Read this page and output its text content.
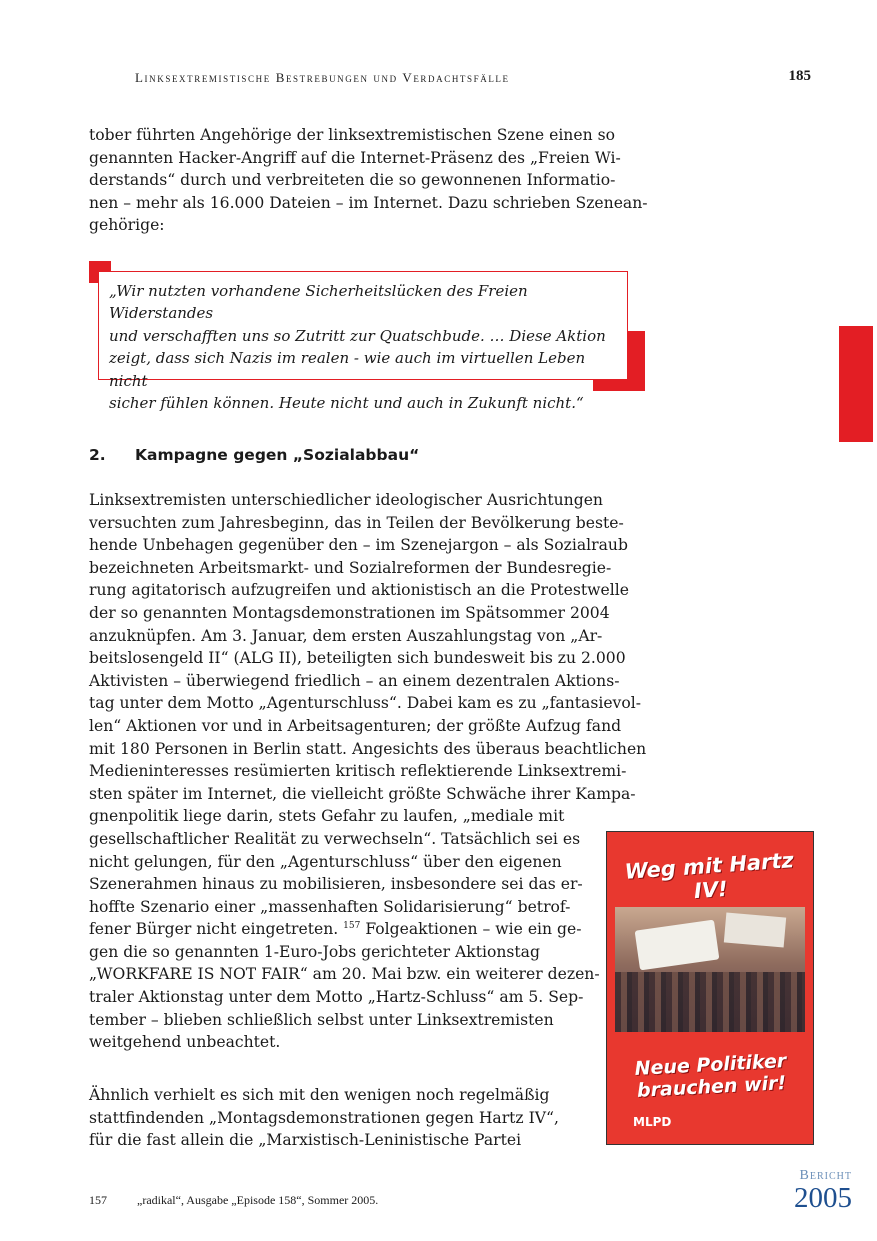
Linksextremistische Bestrebungen und Verdachtsfälle	185

tober führten Angehörige der linksextremistischen Szene einen so

genannten Hacker-Angriff auf die Internet-Präsenz des „Freien Wi-

derstands“ durch und verbreiteten die so gewonnenen Informatio-

nen – mehr als 16.000 Dateien – im Internet. Dazu schrieben Szenean-

gehörige:

„Wir nutzten vorhandene Sicherheitslücken des Freien Widerstandes
und verschafften uns so Zutritt zur Quatschbude. … Diese Aktion
zeigt, dass sich Nazis im realen - wie auch im virtuellen Leben nicht
sicher fühlen können. Heute nicht und auch in Zukunft nicht.“
2. Kampagne gegen „Sozialabbau“

Linksextremisten unterschiedlicher ideologischer Ausrichtungen

versuchten zum Jahresbeginn, das in Teilen der Bevölkerung beste-

hende Unbehagen gegenüber den – im Szenejargon – als Sozialraub

bezeichneten Arbeitsmarkt- und Sozialreformen der Bundesregie-

rung agitatorisch aufzugreifen und aktionistisch an die Protestwelle

der so genannten Montagsdemonstrationen im Spätsommer 2004

anzuknüpfen. Am 3. Januar, dem ersten Auszahlungstag von „Ar-

beitslosengeld II“ (ALG II), beteiligten sich bundesweit bis zu 2.000

Aktivisten – überwiegend friedlich – an einem dezentralen Aktions-

tag unter dem Motto „Agenturschluss“. Dabei kam es zu „fantasievol-

len“ Aktionen vor und in Arbeitsagenturen; der größte Aufzug fand

mit 180 Personen in Berlin statt. Angesichts des überaus beachtlichen

Medieninteresses resümierten kritisch reflektierende Linksextremi-

sten später im Internet, die vielleicht größte Schwäche ihrer Kampa-

gnenpolitik liege darin, stets Gefahr zu laufen, „mediale mit

gesellschaftlicher Realität zu verwechseln“. Tatsächlich sei es

nicht gelungen, für den „Agenturschluss“ über den eigenen

Szenerahmen hinaus zu mobilisieren, insbesondere sei das er-

hoffte Szenario einer „massenhaften Solidarisierung“ betrof-

fener Bürger nicht eingetreten. $^{157}$ Folgeaktionen – wie ein ge-

gen die so genannten 1-Euro-Jobs gerichteter Aktionstag

„WORKFARE IS NOT FAIR“ am 20. Mai bzw. ein weiterer dezen-

traler Aktionstag unter dem Motto „Hartz-Schluss“ am 5. Sep-

tember – blieben schließlich selbst unter Linksextremisten

weitgehend unbeachtet.

Ähnlich verhielt es sich mit den wenigen noch regelmäßig

stattfindenden „Montagsdemonstrationen gegen Hartz IV“,

für die fast allein die „Marxistisch-Leninistische Partei

Weg mit Hartz IV!
Neue Politiker
brauchen wir!
MLPD
157	„radikal“, Ausgabe „Episode 158“, Sommer 2005.
Bericht
2005
